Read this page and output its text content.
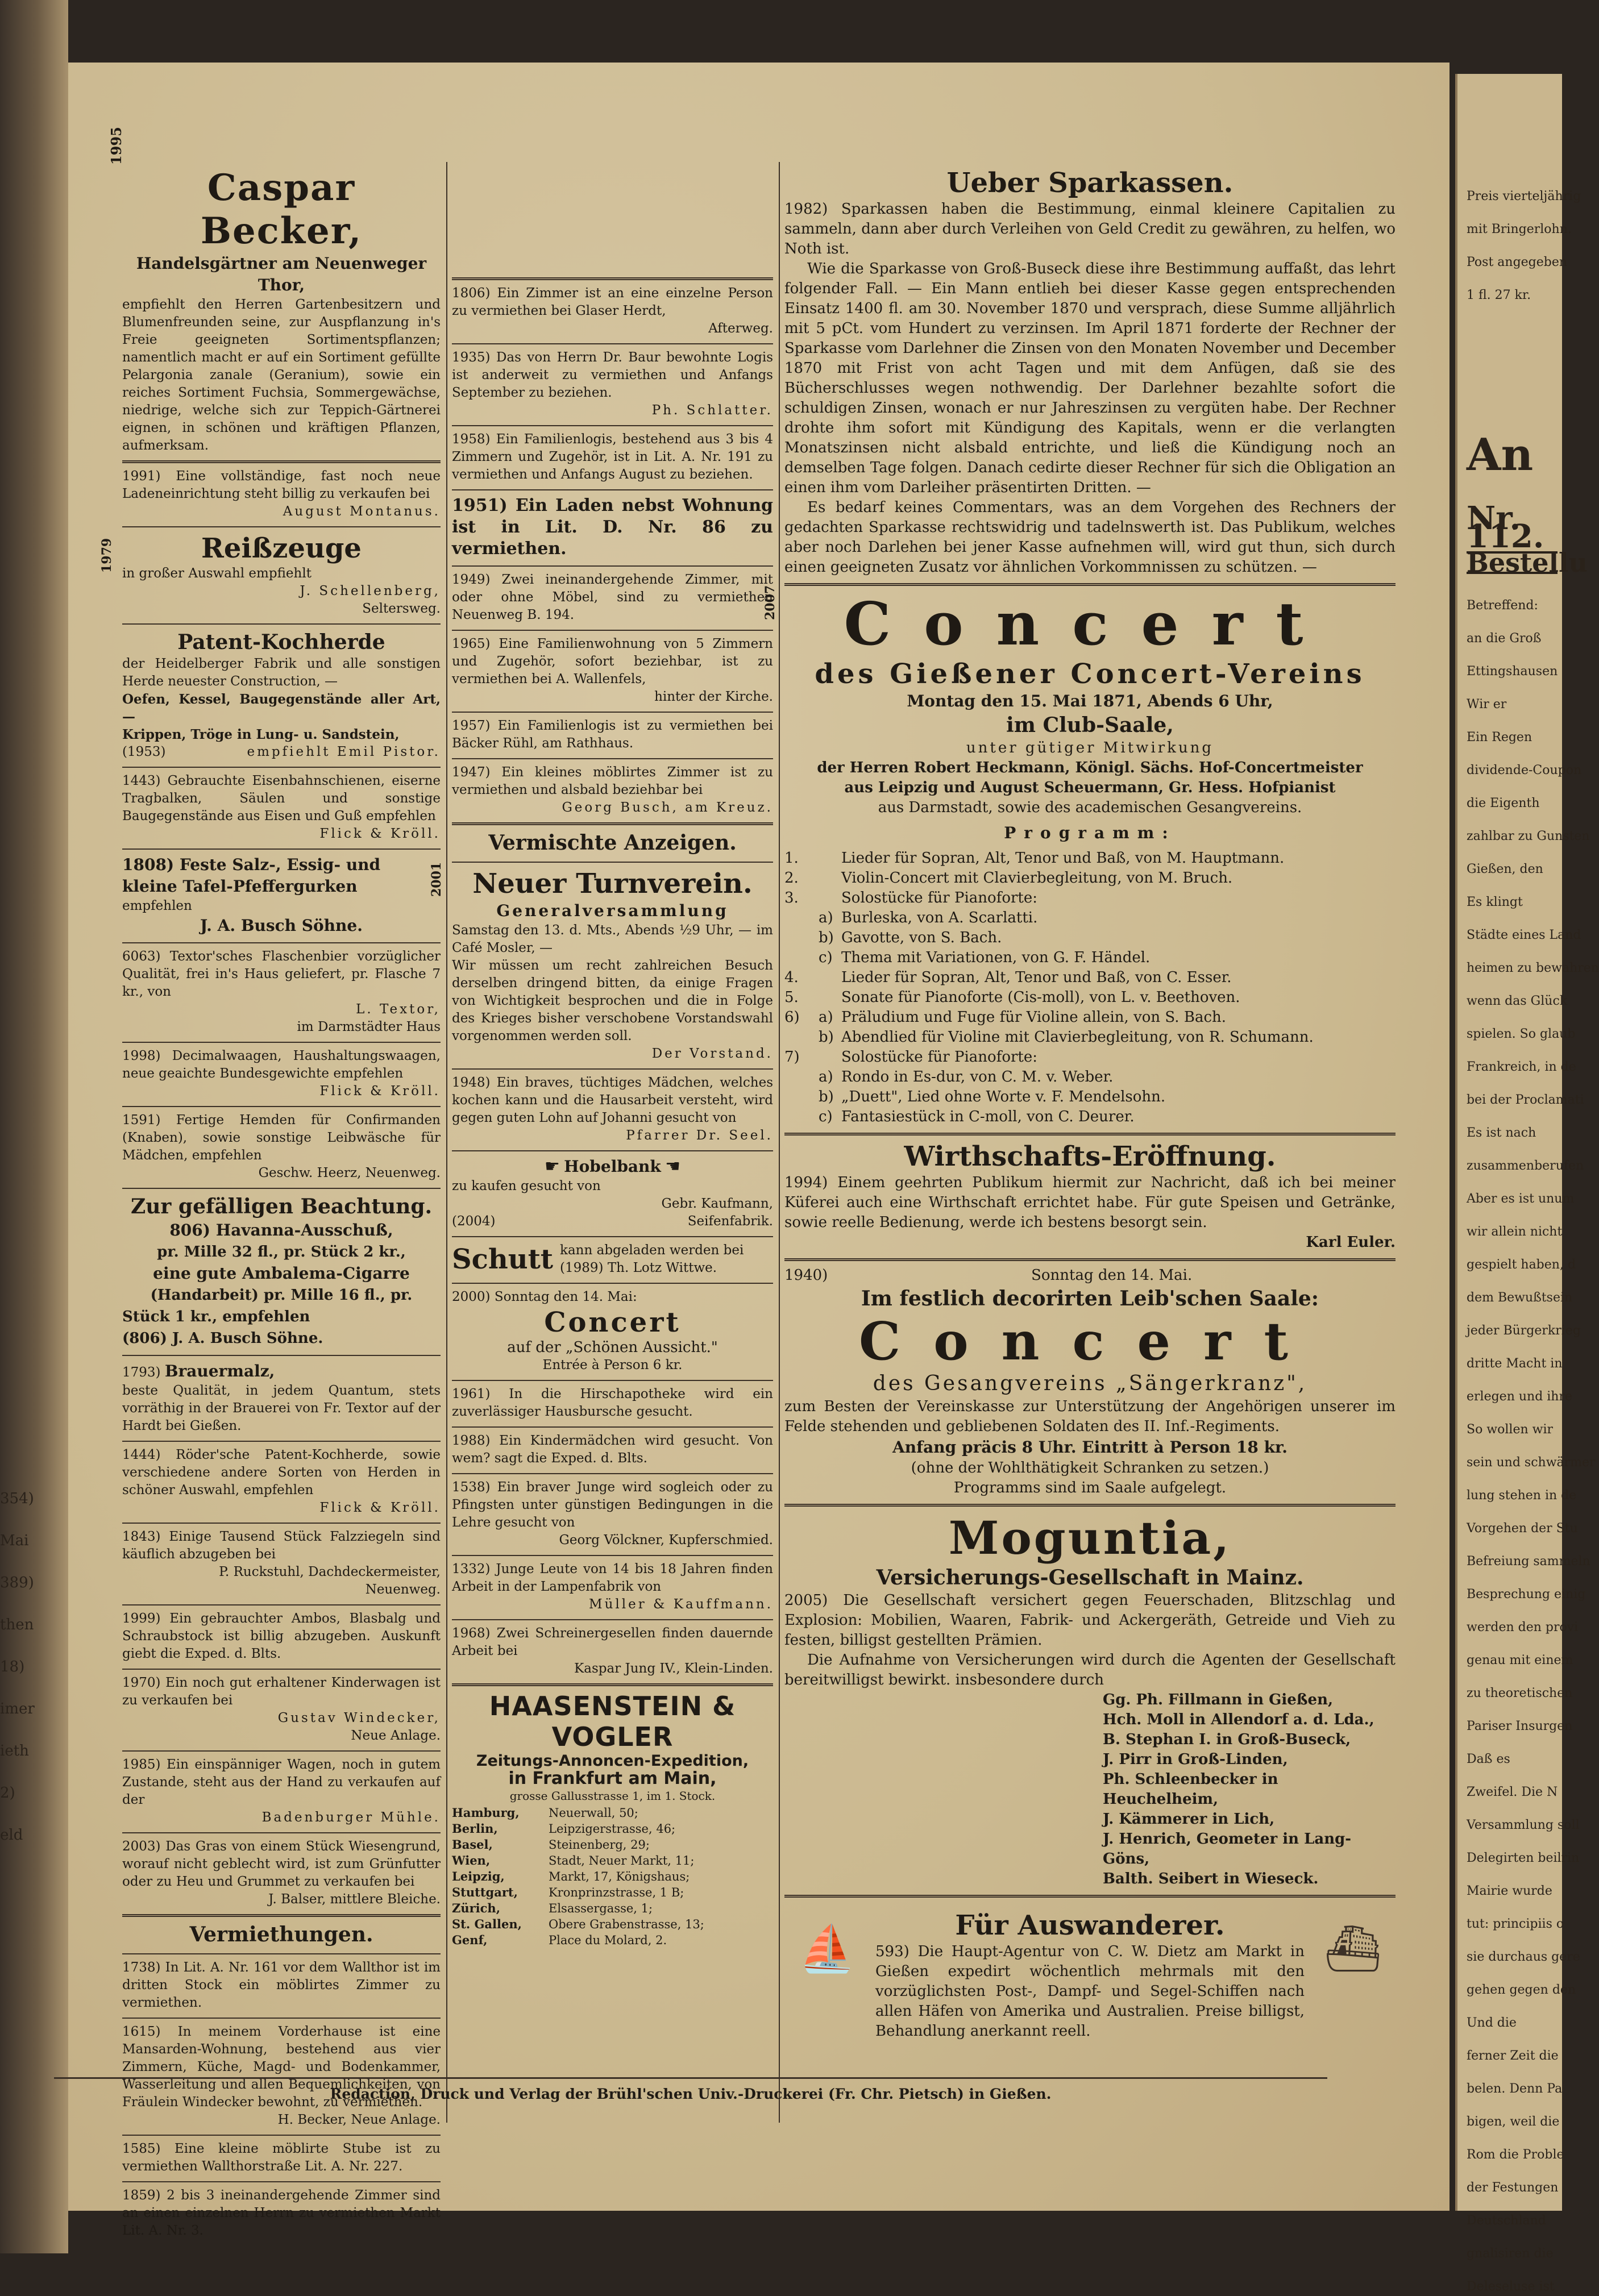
354)
Mai
389)
then
18)
imer
ieth
2)
eld

Preis vierteljährig

mit Bringerlohn.

Post angegeben

1 fl. 27 kr.

An
Nr. 112.
Bestellu

Betreffend:

an die Groß

Ettingshausen

Wir er

Ein Regen

dividende-Coupon

die Eigenth

zahlbar zu Gunsten

Gießen, den

Es klingt

Städte eines Land

heimen zu bewahren

wenn das Glück

spielen. So glaub

Frankreich, in de

bei der Proclamati

Es ist nach

zusammenberufen

Aber es ist unum

wir allein nicht

gespielt haben, d

dem Bewußtsein

jeder Bürgerkrieg

dritte Macht in

erlegen und ihre

So wollen wir

sein und schwärmer

lung stehen in de

Vorgehen der Stu

Befreiung sammeln

Besprechung einig

werden den provi

genau mit einem

zu theoretischen

Pariser Insurgen

Daß es

Zweifel. Die N

Versammlung soll

Delegirten beilrin

Mairie wurde

tut: principiis o

sie durchaus gere

gehen gegen den

Und die

ferner Zeit die

belen. Denn Pa

bigen, weil die

Rom die Proble

der Festungen

Deutschland

gnalisiren die

Deleseluse ist

1995
Caspar Becker,
Handelsgärtner am Neuenweger Thor,

empfiehlt den Herren Gartenbesitzern und Blumenfreunden seine, zur Auspflanzung in's Freie geeigneten Sortimentspflanzen; namentlich macht er auf ein Sortiment gefüllte Pelargonia zanale (Geranium), sowie ein reiches Sortiment Fuchsia, Sommergewächse, niedrige, welche sich zur Teppich-Gärtnerei eignen, in schönen und kräftigen Pflanzen, aufmerksam.

1991) Eine vollständige, fast noch neue Ladeneinrichtung steht billig zu verkaufen bei

August Montanus.
1979	Reißzeuge

in großer Auswahl empfiehlt

J. Schellenberg,
Seltersweg.
Patent-Kochherde

der Heidelberger Fabrik und alle sonstigen Herde neuester Construction, —

Oefen, Kessel, Baugegenstände aller Art, —

Krippen, Tröge in Lung- u. Sandstein,

(1953)	empfiehlt Emil Pistor.

1443) Gebrauchte Eisenbahnschienen, eiserne Tragbalken, Säulen und sonstige Baugegenstände aus Eisen und Guß empfehlen

Flick & Kröll.

1808) Feste Salz-, Essig- und kleine Tafel-Pfeffergurken

empfehlen

J. A. Busch Söhne.

6063) Textor'sches Flaschenbier vorzüglicher Qualität, frei in's Haus geliefert, pr. Flasche 7 kr., von

L. Textor,
im Darmstädter Haus

1998) Decimalwaagen, Haushaltungswaagen, neue geaichte Bundesgewichte empfehlen

Flick & Kröll.

1591) Fertige Hemden für Confirmanden (Knaben), sowie sonstige Leibwäsche für Mädchen, empfehlen

Geschw. Heerz, Neuenweg.
Zur gefälligen Beachtung.
806) Havanna-Ausschuß,
pr. Mille 32 fl., pr. Stück 2 kr.,
eine gute Ambalema-Cigarre
(Handarbeit) pr. Mille 16 fl., pr.
Stück 1 kr., empfehlen
(806) J. A. Busch Söhne.
1793) Brauermalz,

beste Qualität, in jedem Quantum, stets vorräthig in der Brauerei von Fr. Textor auf der Hardt bei Gießen.

1444) Röder'sche Patent-Kochherde, sowie verschiedene andere Sorten von Herden in schöner Auswahl, empfehlen

Flick & Kröll.

1843) Einige Tausend Stück Falzziegeln sind käuflich abzugeben bei

P. Ruckstuhl, Dachdeckermeister,
Neuenweg.

1999) Ein gebrauchter Ambos, Blasbalg und Schraubstock ist billig abzugeben. Auskunft giebt die Exped. d. Blts.

1970) Ein noch gut erhaltener Kinderwagen ist zu verkaufen bei

Gustav Windecker,
Neue Anlage.

1985) Ein einspänniger Wagen, noch in gutem Zustande, steht aus der Hand zu verkaufen auf der

Badenburger Mühle.

2003) Das Gras von einem Stück Wiesengrund, worauf nicht geblecht wird, ist zum Grünfutter oder zu Heu und Grummet zu verkaufen bei

J. Balser, mittlere Bleiche.
Vermiethungen.

1738) In Lit. A. Nr. 161 vor dem Wallthor ist im dritten Stock ein möblirtes Zimmer zu vermiethen.

1615) In meinem Vorderhause ist eine Mansarden-Wohnung, bestehend aus vier Zimmern, Küche, Magd- und Bodenkammer, Wasserleitung und allen Bequemlichkeiten, von Fräulein Windecker bewohnt, zu vermiethen.

H. Becker, Neue Anlage.

1585) Eine kleine möblirte Stube ist zu vermiethen Wallthorstraße Lit. A. Nr. 227.

1859) 2 bis 3 ineinandergehende Zimmer sind an einen einzelnen Herrn zu vermiethen Markt Lit. A. Nr. 3.

1806) Ein Zimmer ist an eine einzelne Person zu vermiethen bei Glaser Herdt,

Afterweg.

1935) Das von Herrn Dr. Baur bewohnte Logis ist anderweit zu vermiethen und Anfangs September zu beziehen.

Ph. Schlatter.

1958) Ein Familienlogis, bestehend aus 3 bis 4 Zimmern und Zugehör, ist in Lit. A. Nr. 191 zu vermiethen und Anfangs August zu beziehen.

1951) Ein Laden nebst Wohnung ist in Lit. D. Nr. 86 zu vermiethen.

1949) Zwei ineinandergehende Zimmer, mit oder ohne Möbel, sind zu vermiethen Neuenweg B. 194.

1965) Eine Familienwohnung von 5 Zimmern und Zugehör, sofort beziehbar, ist zu vermiethen bei A. Wallenfels,

hinter der Kirche.

1957) Ein Familienlogis ist zu vermiethen bei Bäcker Rühl, am Rathhaus.

1947) Ein kleines möblirtes Zimmer ist zu vermiethen und alsbald beziehbar bei

Georg Busch, am Kreuz.
Vermischte Anzeigen.
2001	Neuer Turnverein.
Generalversammlung

Samstag den 13. d. Mts., Abends ½9 Uhr, — im Café Mosler, —

Wir müssen um recht zahlreichen Besuch derselben dringend bitten, da einige Fragen von Wichtigkeit besprochen und die in Folge des Krieges bisher verschobene Vorstandswahl vorgenommen werden soll.

Der Vorstand.

1948) Ein braves, tüchtiges Mädchen, welches kochen kann und die Hausarbeit versteht, wird gegen guten Lohn auf Johanni gesucht von

Pfarrer Dr. Seel.
☛ Hobelbank ☚

zu kaufen gesucht von

Gebr. Kaufmann,
(2004)	Seifenfabrik.
Schutt kann abgeladen werden bei
(1989) Th. Lotz Wittwe.

2000) Sonntag den 14. Mai:

Concert
auf der „Schönen Aussicht."
Entrée à Person 6 kr.

1961) In die Hirschapotheke wird ein zuverlässiger Hausbursche gesucht.

1988) Ein Kindermädchen wird gesucht. Von wem? sagt die Exped. d. Blts.

1538) Ein braver Junge wird sogleich oder zu Pfingsten unter günstigen Bedingungen in die Lehre gesucht von

Georg Völckner, Kupferschmied.

1332) Junge Leute von 14 bis 18 Jahren finden Arbeit in der Lampenfabrik von

Müller & Kauffmann.

1968) Zwei Schreinergesellen finden dauernde Arbeit bei

Kaspar Jung IV., Klein-Linden.
HAASENSTEIN & VOGLER
Zeitungs-Annoncen-Expedition,
in Frankfurt am Main,
grosse Gallusstrasse 1, im 1. Stock.
Hamburg,	Neuerwall, 50;
Berlin,	Leipzigerstrasse, 46;
Basel,	Steinenberg, 29;
Wien,	Stadt, Neuer Markt, 11;
Leipzig,	Markt, 17, Königshaus;
Stuttgart,	Kronprinzstrasse, 1 B;
Zürich,	Elsassergasse, 1;
St. Gallen,	Obere Grabenstrasse, 13;
Genf,	Place du Molard, 2.
Ueber Sparkassen.

1982) Sparkassen haben die Bestimmung, einmal kleinere Capitalien zu sammeln, dann aber durch Verleihen von Geld Credit zu gewähren, zu helfen, wo Noth ist.

Wie die Sparkasse von Groß-Buseck diese ihre Bestimmung auffaßt, das lehrt folgender Fall. — Ein Mann entlieh bei dieser Kasse gegen entsprechenden Einsatz 1400 fl. am 30. November 1870 und versprach, diese Summe alljährlich mit 5 pCt. vom Hundert zu verzinsen. Im April 1871 forderte der Rechner der Sparkasse vom Darlehner die Zinsen von den Monaten November und December 1870 mit Frist von acht Tagen und mit dem Anfügen, daß sie des Bücherschlusses wegen nothwendig. Der Darlehner bezahlte sofort die schuldigen Zinsen, wonach er nur Jahreszinsen zu vergüten habe. Der Rechner drohte ihm sofort mit Kündigung des Kapitals, wenn er die verlangten Monatszinsen nicht alsbald entrichte, und ließ die Kündigung noch an demselben Tage folgen. Danach cedirte dieser Rechner für sich die Obligation an einen ihm vom Darleiher präsentirten Dritten. —

Es bedarf keines Commentars, was an dem Vorgehen des Rechners der gedachten Sparkasse rechtswidrig und tadelnswerth ist. Das Publikum, welches aber noch Darlehen bei jener Kasse aufnehmen will, wird gut thun, sich durch einen geeigneten Zusatz vor ähnlichen Vorkommnissen zu schützen. —

2007	Concert
des Gießener Concert-Vereins
Montag den 15. Mai 1871, Abends 6 Uhr,
im Club-Saale,
unter gütiger Mitwirkung
der Herren Robert Heckmann, Königl. Sächs. Hof-Concertmeister
aus Leipzig und August Scheuermann, Gr. Hess. Hofpianist
aus Darmstadt, sowie des academischen Gesangvereins.
Programm:
1.	Lieder für Sopran, Alt, Tenor und Baß, von M. Hauptmann.
2.	Violin-Concert mit Clavierbegleitung, von M. Bruch.
3.	Solostücke für Pianoforte:
a) Burleska, von A. Scarlatti.
b) Gavotte, von S. Bach.
c) Thema mit Variationen, von G. F. Händel.
4.	Lieder für Sopran, Alt, Tenor und Baß, von C. Esser.
5.	Sonate für Pianoforte (Cis-moll), von L. v. Beethoven.
6)	a) Präludium und Fuge für Violine allein, von S. Bach.
b) Abendlied für Violine mit Clavierbegleitung, von R. Schumann.
7)	Solostücke für Pianoforte:
a) Rondo in Es-dur, von C. M. v. Weber.
b) „Duett", Lied ohne Worte v. F. Mendelsohn.
c) Fantasiestück in C-moll, von C. Deurer.
Wirthschafts-Eröffnung.

1994) Einem geehrten Publikum hiermit zur Nachricht, daß ich bei meiner Küferei auch eine Wirthschaft errichtet habe. Für gute Speisen und Getränke, sowie reelle Bedienung, werde ich bestens besorgt sein.

Karl Euler.
1940)	Sonntag den 14. Mai.
Im festlich decorirten Leib'schen Saale:
Concert
des Gesangvereins „Sängerkranz",

zum Besten der Vereinskasse zur Unterstützung der Angehörigen unserer im Felde stehenden und gebliebenen Soldaten des II. Inf.-Regiments.

Anfang präcis 8 Uhr. Eintritt à Person 18 kr.
(ohne der Wohlthätigkeit Schranken zu setzen.)
Programms sind im Saale aufgelegt.
Moguntia,
Versicherungs-Gesellschaft in Mainz.

2005) Die Gesellschaft versichert gegen Feuerschaden, Blitzschlag und Explosion: Mobilien, Waaren, Fabrik- und Ackergeräth, Getreide und Vieh zu festen, billigst gestellten Prämien.

Die Aufnahme von Versicherungen wird durch die Agenten der Gesellschaft bereitwilligst bewirkt. insbesondere durch

Gg. Ph. Fillmann in Gießen,
Hch. Moll in Allendorf a. d. Lda.,
B. Stephan I. in Groß-Buseck,
J. Pirr in Groß-Linden,
Ph. Schleenbecker in Heuchelheim,
J. Kämmerer in Lich,
J. Henrich, Geometer in Lang-Göns,
Balth. Seibert in Wieseck.
⛵	⛴
Für Auswanderer.

593) Die Haupt-Agentur von C. W. Dietz am Markt in Gießen expedirt wöchentlich mehrmals mit den vorzüglichsten Post-, Dampf- und Segel-Schiffen nach allen Häfen von Amerika und Australien. Preise billigst, Behandlung anerkannt reell.

Redaction, Druck und Verlag der Brühl'schen Univ.-Druckerei (Fr. Chr. Pietsch) in Gießen.
